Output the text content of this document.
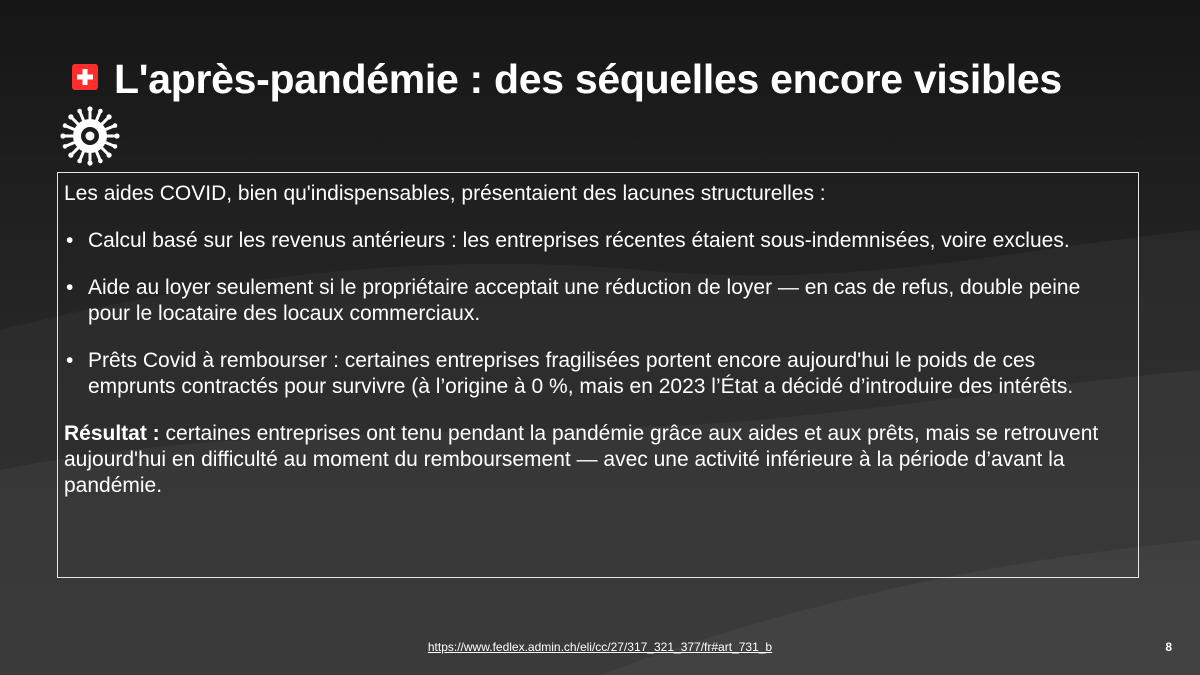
L'après-pandémie : des séquelles encore visibles

Les aides COVID, bien qu'indispensables, présentaient des lacunes structurelles :

• Calcul basé sur les revenus antérieurs : les entreprises récentes étaient sous-indemnisées, voire exclues.
• Aide au loyer seulement si le propriétaire acceptait une réduction de loyer — en cas de refus, double peine pour le locataire des locaux commerciaux.
• Prêts Covid à rembourser : certaines entreprises fragilisées portent encore aujourd'hui le poids de ces emprunts contractés pour survivre (à l’origine à 0 %, mais en 2023 l’État a décidé d’introduire des intérêts.

Résultat : certaines entreprises ont tenu pendant la pandémie grâce aux aides et aux prêts, mais se retrouvent aujourd'hui en difficulté au moment du remboursement — avec une activité inférieure à la période d’avant la pandémie.

https://www.fedlex.admin.ch/eli/cc/27/317_321_377/fr#art_731_b	8
